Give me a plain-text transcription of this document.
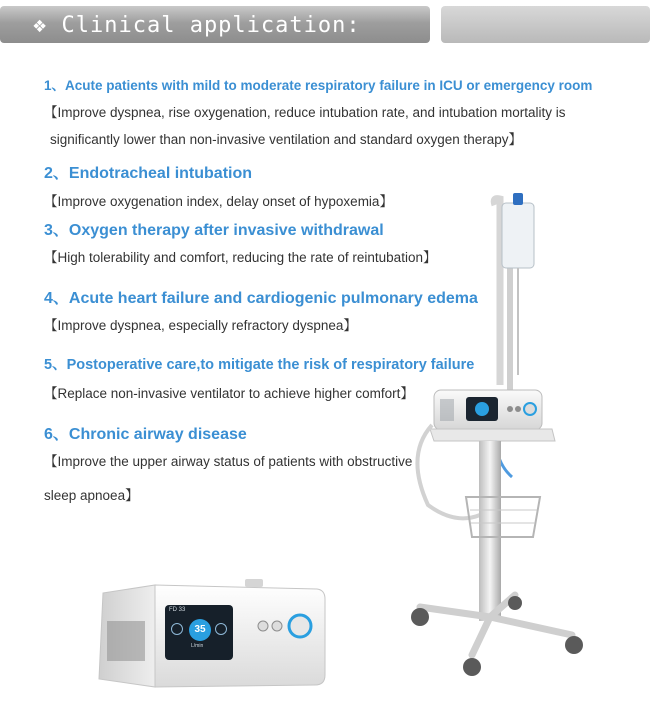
❖ Clinical application:
1、Acute patients with mild to moderate respiratory failure in ICU or emergency room
【Improve dyspnea, rise oxygenation, reduce intubation rate, and intubation mortality is
significantly lower than non-invasive ventilation and standard oxygen therapy】
2、Endotracheal intubation
【Improve oxygenation index, delay onset of hypoxemia】
3、Oxygen therapy after invasive withdrawal
【High tolerability and comfort, reducing the rate of reintubation】
4、Acute heart failure and cardiogenic pulmonary edema
【Improve dyspnea, especially refractory dyspnea】
5、Postoperative care,to mitigate the risk of respiratory failure
【Replace non-invasive ventilator to achieve higher comfort】
6、Chronic airway disease
【Improve the upper airway status of patients with obstructive
sleep apnoea】
FD 33
35
L/min
